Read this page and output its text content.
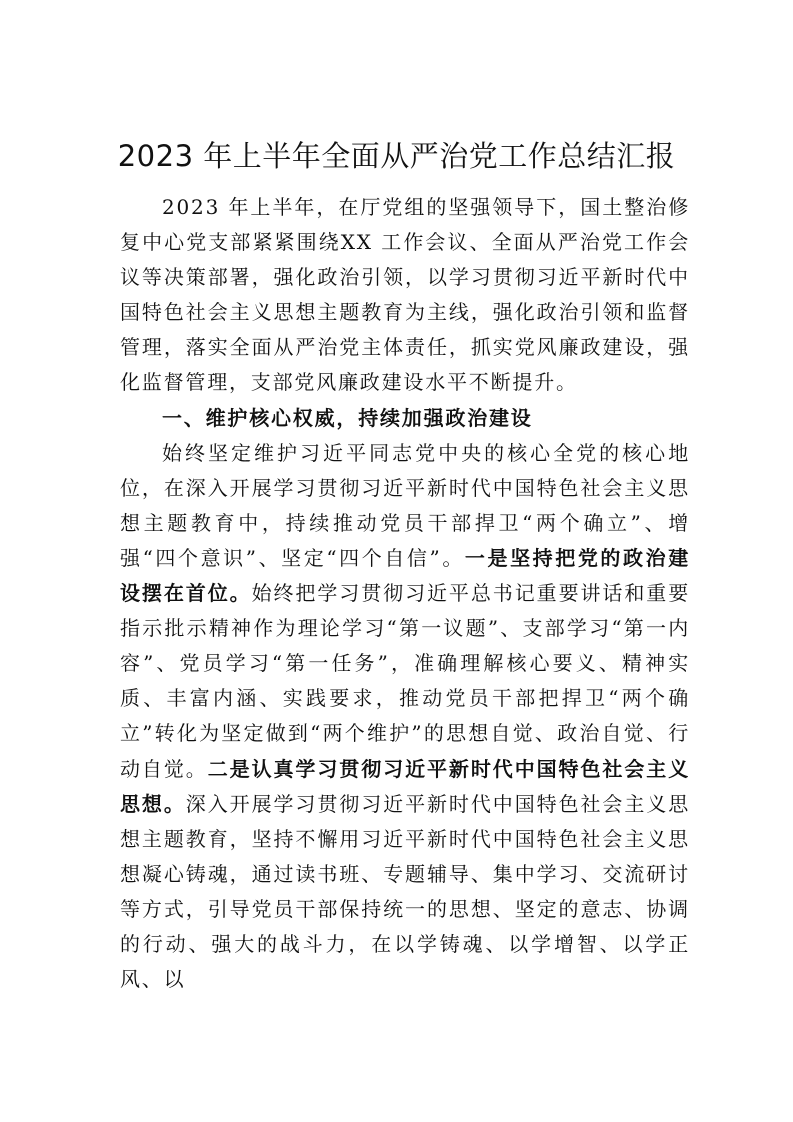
2023 年上半年全面从严治党工作总结汇报

2023 年上半年，在厅党组的坚强领导下，国土整治修复中心党支部紧紧围绕XX 工作会议、全面从严治党工作会议等决策部署，强化政治引领，以学习贯彻习近平新时代中国特色社会主义思想主题教育为主线，强化政治引领和监督管理，落实全面从严治党主体责任，抓实党风廉政建设，强化监督管理，支部党风廉政建设水平不断提升。

一、维护核心权威，持续加强政治建设

始终坚定维护习近平同志党中央的核心全党的核心地位，在深入开展学习贯彻习近平新时代中国特色社会主义思想主题教育中，持续推动党员干部捍卫“两个确立”、增强“四个意识”、坚定“四个自信”。一是坚持把党的政治建设摆在首位。始终把学习贯彻习近平总书记重要讲话和重要指示批示精神作为理论学习“第一议题”、支部学习“第一内容”、党员学习“第一任务”，准确理解核心要义、精神实质、丰富内涵、实践要求，推动党员干部把捍卫“两个确立”转化为坚定做到“两个维护”的思想自觉、政治自觉、行动自觉。二是认真学习贯彻习近平新时代中国特色社会主义思想。深入开展学习贯彻习近平新时代中国特色社会主义思想主题教育，坚持不懈用习近平新时代中国特色社会主义思想凝心铸魂，通过读书班、专题辅导、集中学习、交流研讨等方式，引导党员干部保持统一的思想、坚定的意志、协调的行动、强大的战斗力，在以学铸魂、以学增智、以学正风、以
